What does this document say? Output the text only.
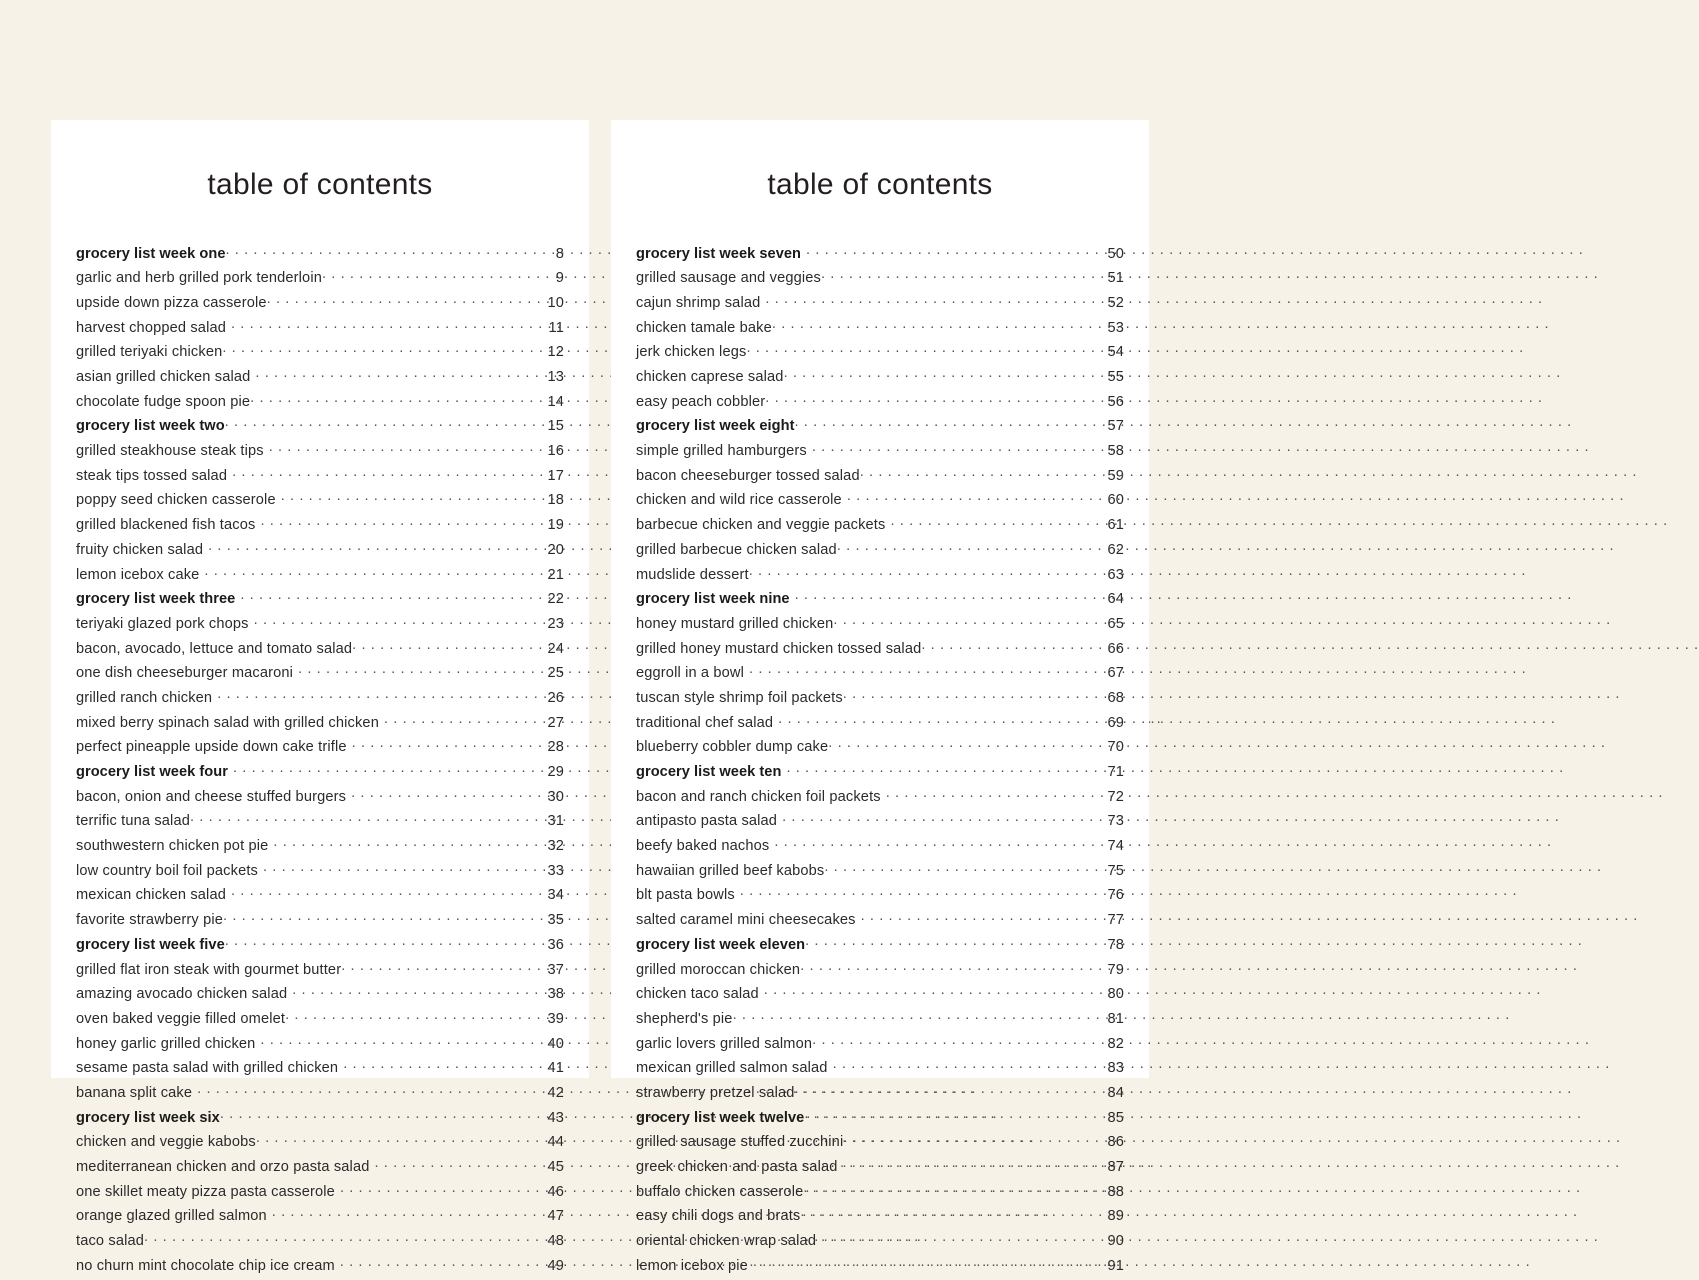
table of contents
grocery list week one . . .	8
garlic and herb grilled pork tenderloin . . .	9
upside down pizza casserole . . .	10
harvest chopped salad . . .	11
grilled teriyaki chicken . . .	12
asian grilled chicken salad . . .	13
chocolate fudge spoon pie . . .	14
grocery list week two . . .	15
grilled steakhouse steak tips . . .	16
steak tips tossed salad . . .	17
poppy seed chicken casserole . . .	18
grilled blackened fish tacos . . .	19
fruity chicken salad . . .	20
lemon icebox cake . . .	21
grocery list week three . . .	22
teriyaki glazed pork chops . . .	23
bacon, avocado, lettuce and tomato salad . . .	24
one dish cheeseburger macaroni . . .	25
grilled ranch chicken . . .	26
mixed berry spinach salad with grilled chicken . . .	27
perfect pineapple upside down cake trifle . . .	28
grocery list week four . . .	29
bacon, onion and cheese stuffed burgers . . .	30
terrific tuna salad . . .	31
southwestern chicken pot pie . . .	32
low country boil foil packets . . .	33
mexican chicken salad . . .	34
favorite strawberry pie . . .	35
grocery list week five . . .	36
grilled flat iron steak with gourmet butter . . .	37
amazing avocado chicken salad . . .	38
oven baked veggie filled omelet . . .	39
honey garlic grilled chicken . . .	40
sesame pasta salad with grilled chicken . . .	41
banana split cake . . .	42
grocery list week six . . .	43
chicken and veggie kabobs . . .	44
mediterranean chicken and orzo pasta salad . . .	45
one skillet meaty pizza pasta casserole . . .	46
orange glazed grilled salmon . . .	47
taco salad . . .	48
no churn mint chocolate chip ice cream . . .	49
table of contents
grocery list week seven . . .	50
grilled sausage and veggies . . .	51
cajun shrimp salad . . .	52
chicken tamale bake . . .	53
jerk chicken legs . . .	54
chicken caprese salad . . .	55
easy peach cobbler . . .	56
grocery list week eight . . .	57
simple grilled hamburgers . . .	58
bacon cheeseburger tossed salad . . .	59
chicken and wild rice casserole . . .	60
barbecue chicken and veggie packets . . .	61
grilled barbecue chicken salad . . .	62
mudslide dessert . . .	63
grocery list week nine . . .	64
honey mustard grilled chicken . . .	65
grilled honey mustard chicken tossed salad . . .	66
eggroll in a bowl . . .	67
tuscan style shrimp foil packets . . .	68
traditional chef salad . . .	69
blueberry cobbler dump cake . . .	70
grocery list week ten . . .	71
bacon and ranch chicken foil packets . . .	72
antipasto pasta salad . . .	73
beefy baked nachos . . .	74
hawaiian grilled beef kabobs . . .	75
blt pasta bowls . . .	76
salted caramel mini cheesecakes . . .	77
grocery list week eleven . . .	78
grilled moroccan chicken . . .	79
chicken taco salad . . .	80
shepherd's pie . . .	81
garlic lovers grilled salmon . . .	82
mexican grilled salmon salad . . .	83
strawberry pretzel salad . . .	84
grocery list week twelve . . .	85
grilled sausage stuffed zucchini . . .	86
greek chicken and pasta salad . . .	87
buffalo chicken casserole . . .	88
easy chili dogs and brats . . .	89
oriental chicken wrap salad . . .	90
lemon icebox pie . . .	91
